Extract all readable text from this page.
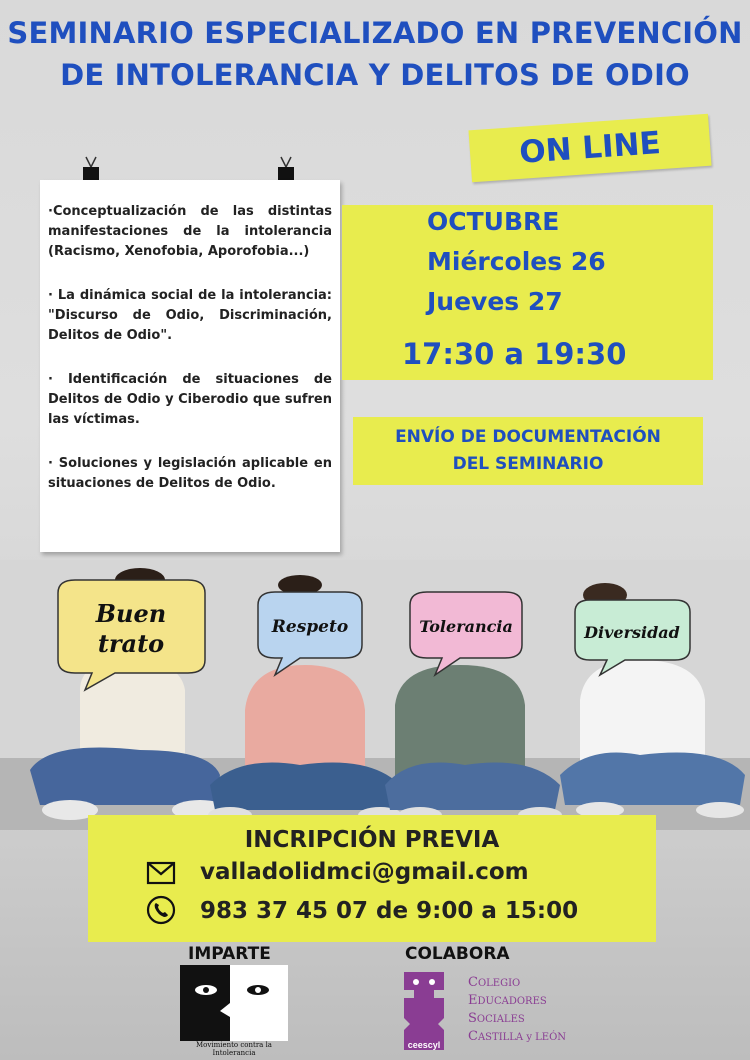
SEMINARIO ESPECIALIZADO EN PREVENCIÓN
DE INTOLERANCIA Y DELITOS DE ODIO
ON LINE
·Conceptualización de las distintas manifestaciones de la intolerancia (Racismo, Xenofobia, Aporofobia...)
· La dinámica social de la intolerancia: "Discurso de Odio, Discriminación, Delitos de Odio".
· Identificación de situaciones de Delitos de Odio y Ciberodio que sufren las víctimas.
· Soluciones y legislación aplicable en situaciones de Delitos de Odio.
OCTUBRE
Miércoles 26
Jueves 27
17:30 a 19:30
ENVÍO DE DOCUMENTACIÓN
DEL SEMINARIO
Buen
trato
Respeto	Tolerancia	Diversidad
INCRIPCIÓN PREVIA
valladolidmci@gmail.com
983 37 45 07 de 9:00 a 15:00
IMPARTE	COLABORA
Movimiento contra la Intolerancia
ceescyl
COLEGIO
EDUCADORES
SOCIALES
CASTILLA y LEÓN
